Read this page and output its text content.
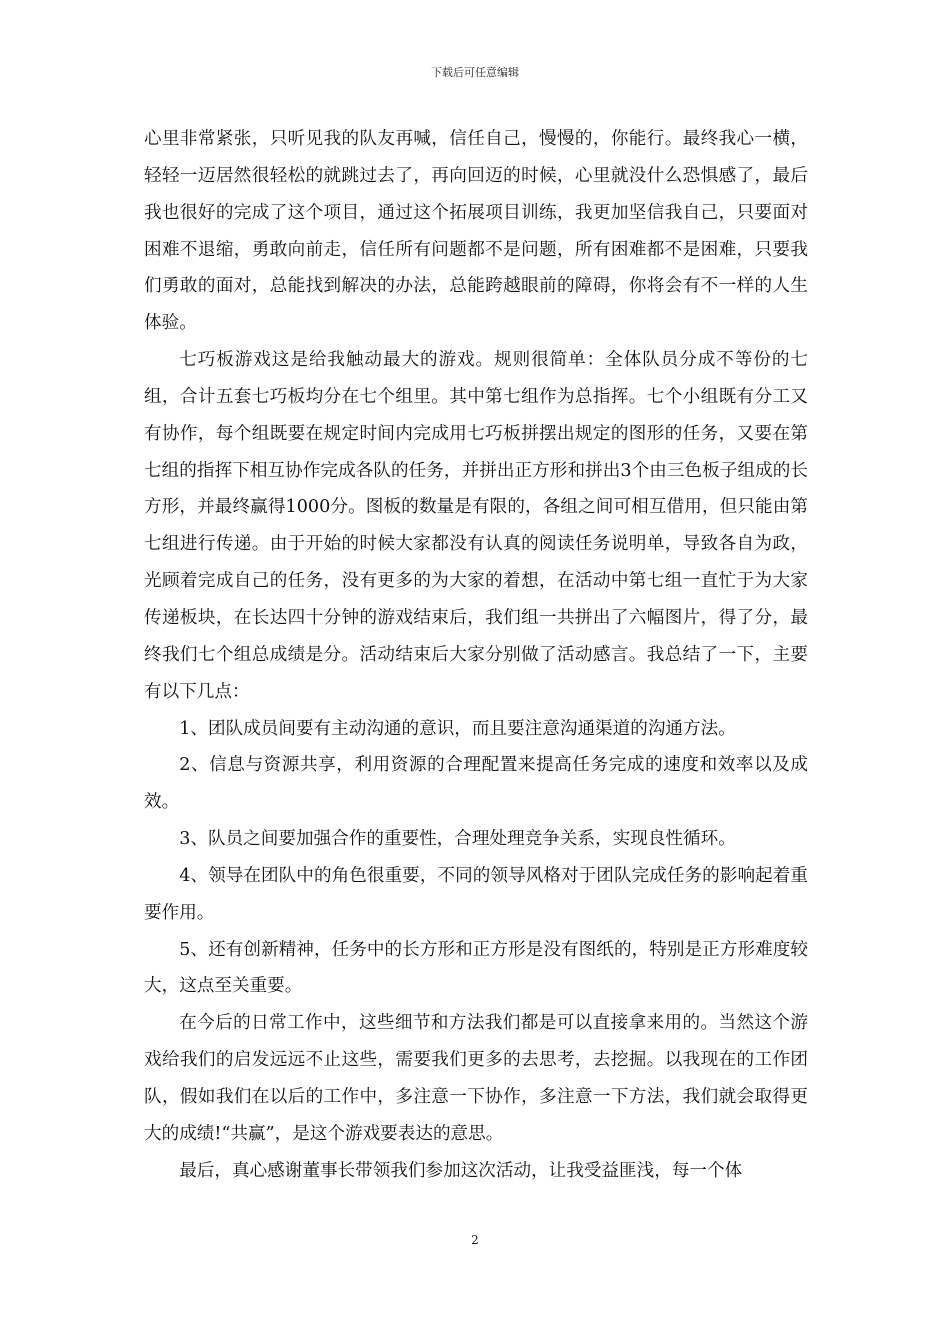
下载后可任意编辑

心里非常紧张，只听见我的队友再喊，信任自己，慢慢的，你能行。最终我心一横，轻轻一迈居然很轻松的就跳过去了，再向回迈的时候，心里就没什么恐惧感了，最后我也很好的完成了这个项目，通过这个拓展项目训练，我更加坚信我自己，只要面对困难不退缩，勇敢向前走，信任所有问题都不是问题，所有困难都不是困难，只要我们勇敢的面对，总能找到解决的办法，总能跨越眼前的障碍，你将会有不一样的人生体验。

七巧板游戏这是给我触动最大的游戏。规则很简单：全体队员分成不等份的七组，合计五套七巧板均分在七个组里。其中第七组作为总指挥。七个小组既有分工又有协作，每个组既要在规定时间内完成用七巧板拼摆出规定的图形的任务，又要在第七组的指挥下相互协作完成各队的任务，并拼出正方形和拼出3个由三色板子组成的长方形，并最终赢得1000分。图板的数量是有限的，各组之间可相互借用，但只能由第七组进行传递。由于开始的时候大家都没有认真的阅读任务说明单，导致各自为政，光顾着完成自己的任务，没有更多的为大家的着想，在活动中第七组一直忙于为大家传递板块，在长达四十分钟的游戏结束后，我们组一共拼出了六幅图片，得了分，最终我们七个组总成绩是分。活动结束后大家分别做了活动感言。我总结了一下，主要有以下几点：

1、团队成员间要有主动沟通的意识，而且要注意沟通渠道的沟通方法。

2、信息与资源共享，利用资源的合理配置来提高任务完成的速度和效率以及成效。

3、队员之间要加强合作的重要性，合理处理竞争关系，实现良性循环。

4、领导在团队中的角色很重要，不同的领导风格对于团队完成任务的影响起着重要作用。

5、还有创新精神，任务中的长方形和正方形是没有图纸的，特别是正方形难度较大，这点至关重要。

在今后的日常工作中，这些细节和方法我们都是可以直接拿来用的。当然这个游戏给我们的启发远远不止这些，需要我们更多的去思考，去挖掘。以我现在的工作团队，假如我们在以后的工作中，多注意一下协作，多注意一下方法，我们就会取得更大的成绩!“共赢”，是这个游戏要表达的意思。

最后，真心感谢董事长带领我们参加这次活动，让我受益匪浅，每一个体

2
